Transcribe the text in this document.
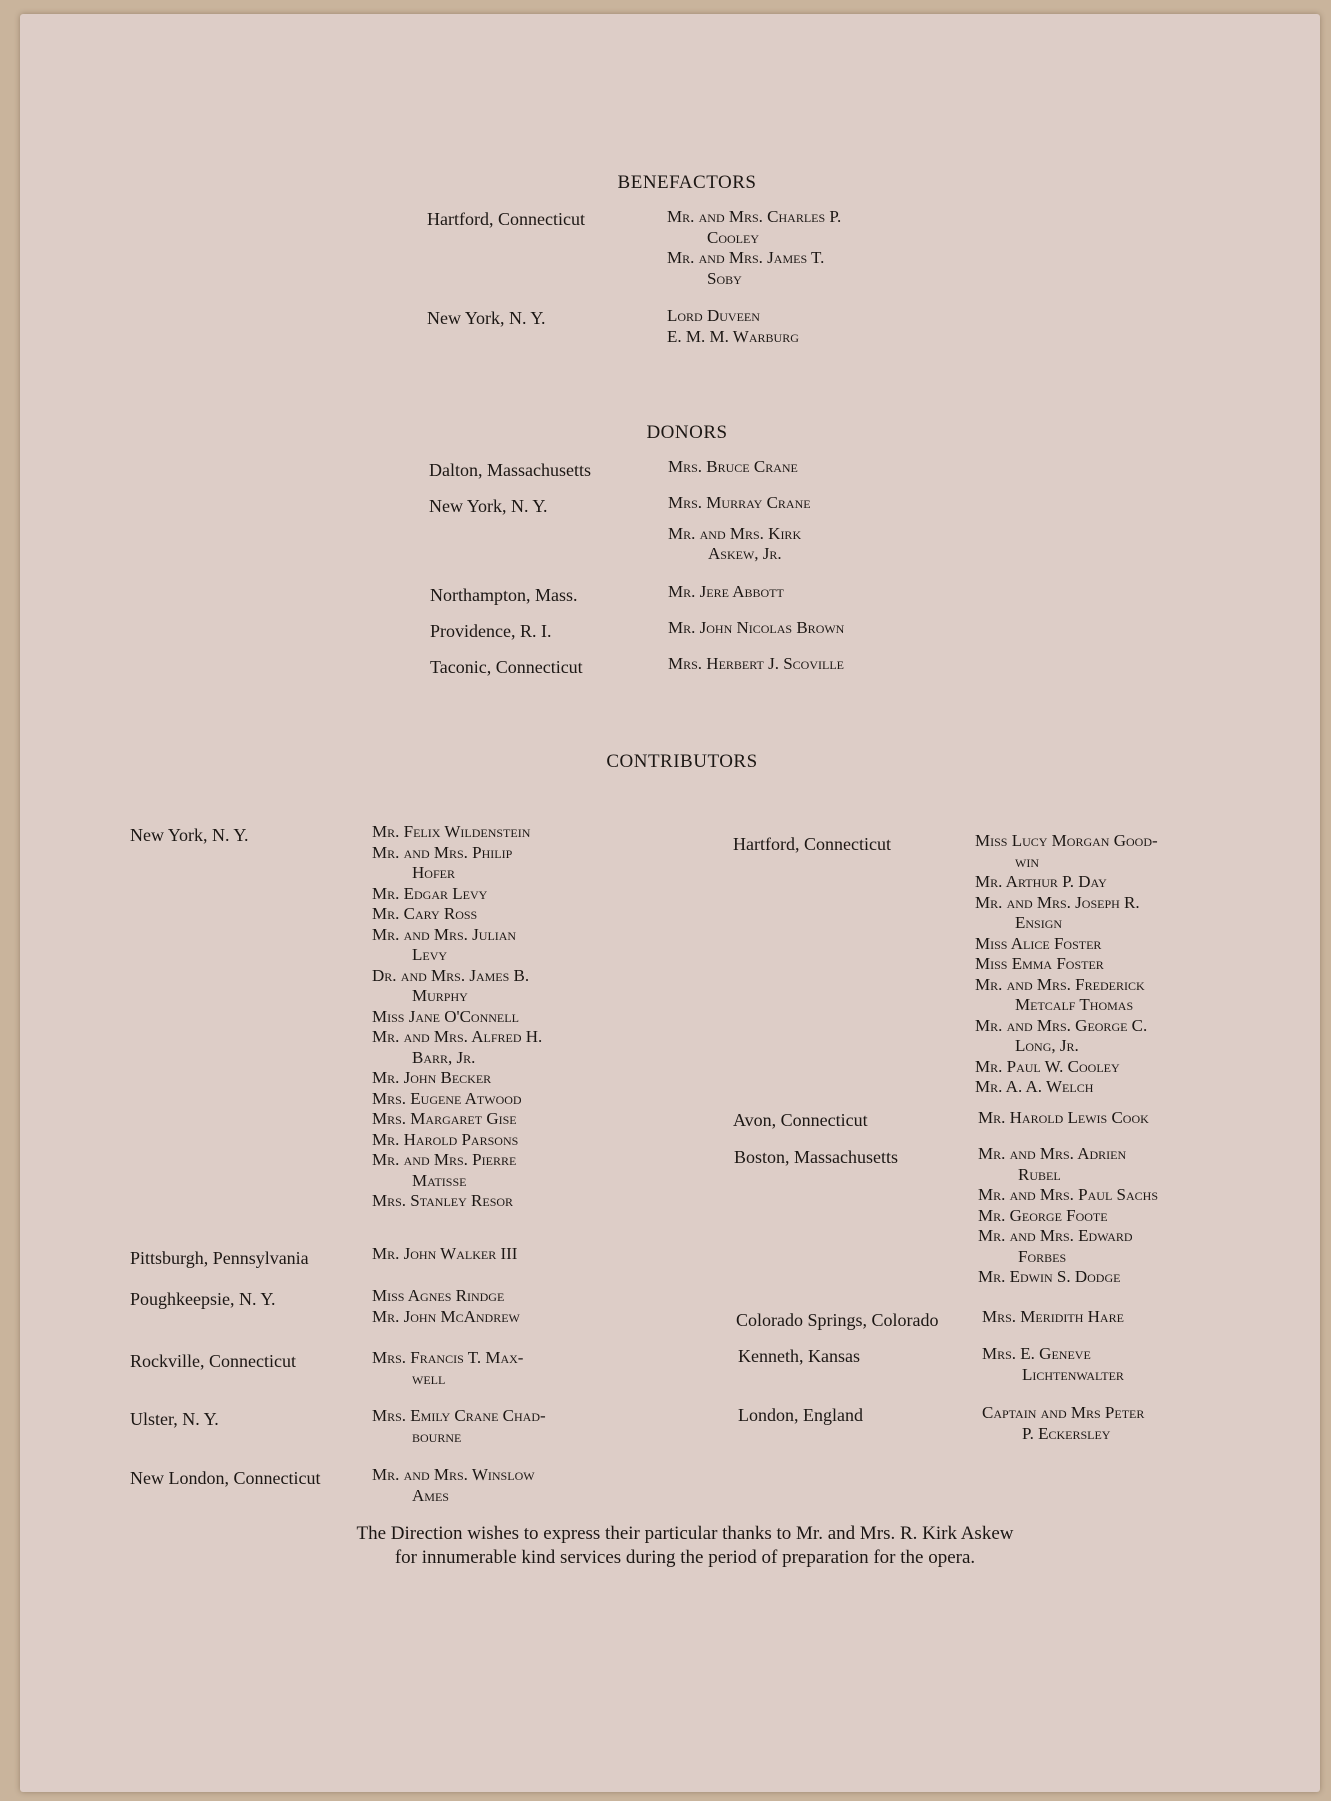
BENEFACTORS
Hartford, Connecticut	Mr. and Mrs. Charles P.
Cooley
Mr. and Mrs. James T.
Soby
New York, N. Y.	Lord Duveen
E. M. M. Warburg
DONORS
Dalton, Massachusetts	Mrs. Bruce Crane
New York, N. Y.	Mrs. Murray Crane
Mr. and Mrs. Kirk
Askew, Jr.
Northampton, Mass.	Mr. Jere Abbott
Providence, R. I.	Mr. John Nicolas Brown
Taconic, Connecticut	Mrs. Herbert J. Scoville
CONTRIBUTORS
New York, N. Y.	Mr. Felix Wildenstein
Mr. and Mrs. Philip
Hofer
Mr. Edgar Levy
Mr. Cary Ross
Mr. and Mrs. Julian
Levy
Dr. and Mrs. James B.
Murphy
Miss Jane O'Connell
Mr. and Mrs. Alfred H.
Barr, Jr.
Mr. John Becker
Mrs. Eugene Atwood
Mrs. Margaret Gise
Mr. Harold Parsons
Mr. and Mrs. Pierre
Matisse
Mrs. Stanley Resor
Pittsburgh, Pennsylvania	Mr. John Walker III
Poughkeepsie, N. Y.	Miss Agnes Rindge
Mr. John McAndrew
Rockville, Connecticut	Mrs. Francis T. Max-
well
Ulster, N. Y.	Mrs. Emily Crane Chad-
bourne
New London, Connecticut	Mr. and Mrs. Winslow
Ames
Hartford, Connecticut	Miss Lucy Morgan Good-
win
Mr. Arthur P. Day
Mr. and Mrs. Joseph R.
Ensign
Miss Alice Foster
Miss Emma Foster
Mr. and Mrs. Frederick
Metcalf Thomas
Mr. and Mrs. George C.
Long, Jr.
Mr. Paul W. Cooley
Mr. A. A. Welch
Avon, Connecticut	Mr. Harold Lewis Cook
Boston, Massachusetts	Mr. and Mrs. Adrien
Rubel
Mr. and Mrs. Paul Sachs
Mr. George Foote
Mr. and Mrs. Edward
Forbes
Mr. Edwin S. Dodge
Colorado Springs, Colorado	Mrs. Meridith Hare
Kenneth, Kansas	Mrs. E. Geneve
Lichtenwalter
London, England	Captain and Mrs Peter
P. Eckersley
The Direction wishes to express their particular thanks to Mr. and Mrs. R. Kirk Askew
for innumerable kind services during the period of preparation for the opera.
